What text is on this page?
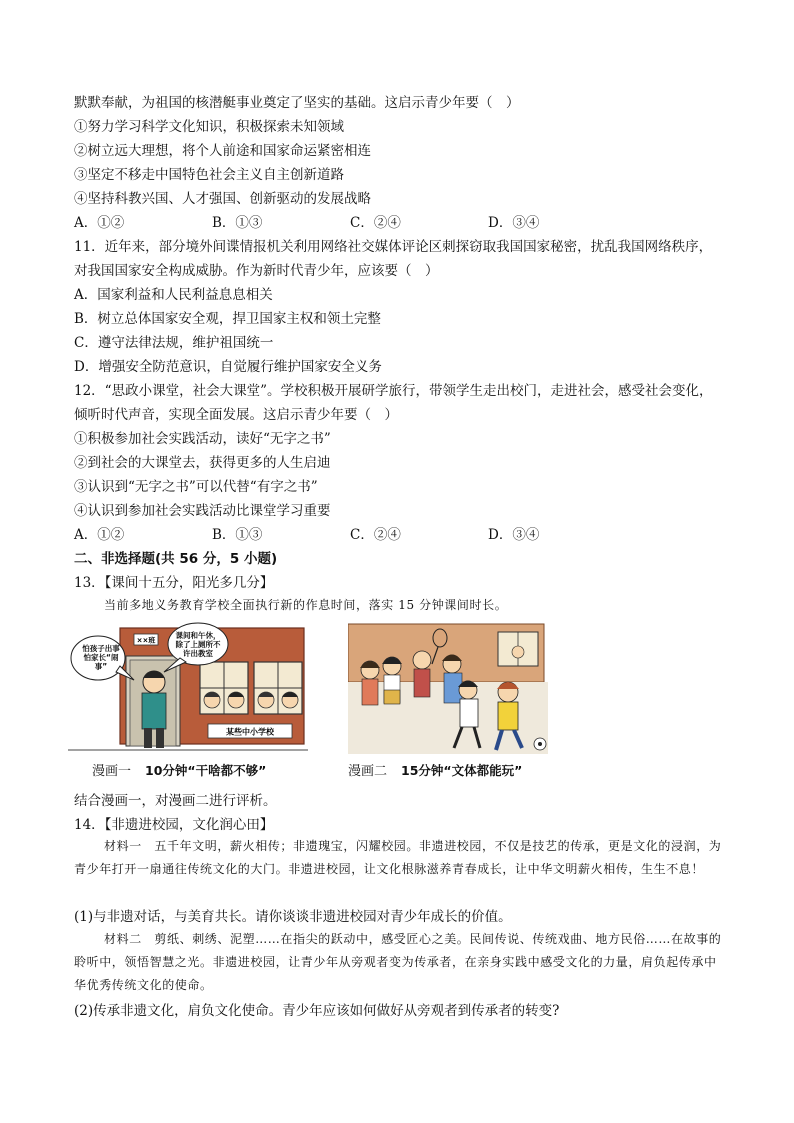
默默奉献，为祖国的核潜艇事业奠定了坚实的基础。这启示青少年要（　）
①努力学习科学文化知识，积极探索未知领域
②树立远大理想，将个人前途和国家命运紧密相连
③坚定不移走中国特色社会主义自主创新道路
④坚持科教兴国、人才强国、创新驱动的发展战略
A．①②	B．①③	C．②④	D．③④
11．近年来，部分境外间谍情报机关利用网络社交媒体评论区刺探窃取我国国家秘密，扰乱我国网络秩序，
对我国国家安全构成威胁。作为新时代青少年，应该要（　）
A．国家利益和人民利益息息相关
B．树立总体国家安全观，捍卫国家主权和领土完整
C．遵守法律法规，维护祖国统一
D．增强安全防范意识，自觉履行维护国家安全义务
12．“思政小课堂，社会大课堂”。学校积极开展研学旅行，带领学生走出校门，走进社会，感受社会变化，
倾听时代声音，实现全面发展。这启示青少年要（　）
①积极参加社会实践活动，读好“无字之书”
②到社会的大课堂去，获得更多的人生启迪
③认识到“无字之书”可以代替“有字之书”
④认识到参加社会实践活动比课堂学习重要
A．①②	B．①③	C．②④	D．③④
二、非选择题(共 56 分，5 小题)
13．【课间十五分，阳光多几分】
当前多地义务教育学校全面执行新的作息时间，落实 15 分钟课间时长。
××班
某些中小学校
怕孩子出事 怕家长“闹事”
课间和午休，除了上厕所不许出教室
漫画一 10分钟“干啥都不够”	漫画二 15分钟“文体都能玩”
结合漫画一，对漫画二进行评析。
14．【非遗进校园，文化润心田】
材料一　五千年文明，薪火相传；非遗瑰宝，闪耀校园。非遗进校园，不仅是技艺的传承，更是文化的浸润，为青少年打开一扇通往传统文化的大门。非遗进校园，让文化根脉滋养青春成长，让中华文明薪火相传，生生不息！
(1)与非遗对话，与美育共长。请你谈谈非遗进校园对青少年成长的价值。
材料二　剪纸、刺绣、泥塑……在指尖的跃动中，感受匠心之美。民间传说、传统戏曲、地方民俗……在故事的聆听中，领悟智慧之光。非遗进校园，让青少年从旁观者变为传承者，在亲身实践中感受文化的力量，肩负起传承中华优秀传统文化的使命。
(2)传承非遗文化，肩负文化使命。青少年应该如何做好从旁观者到传承者的转变?
